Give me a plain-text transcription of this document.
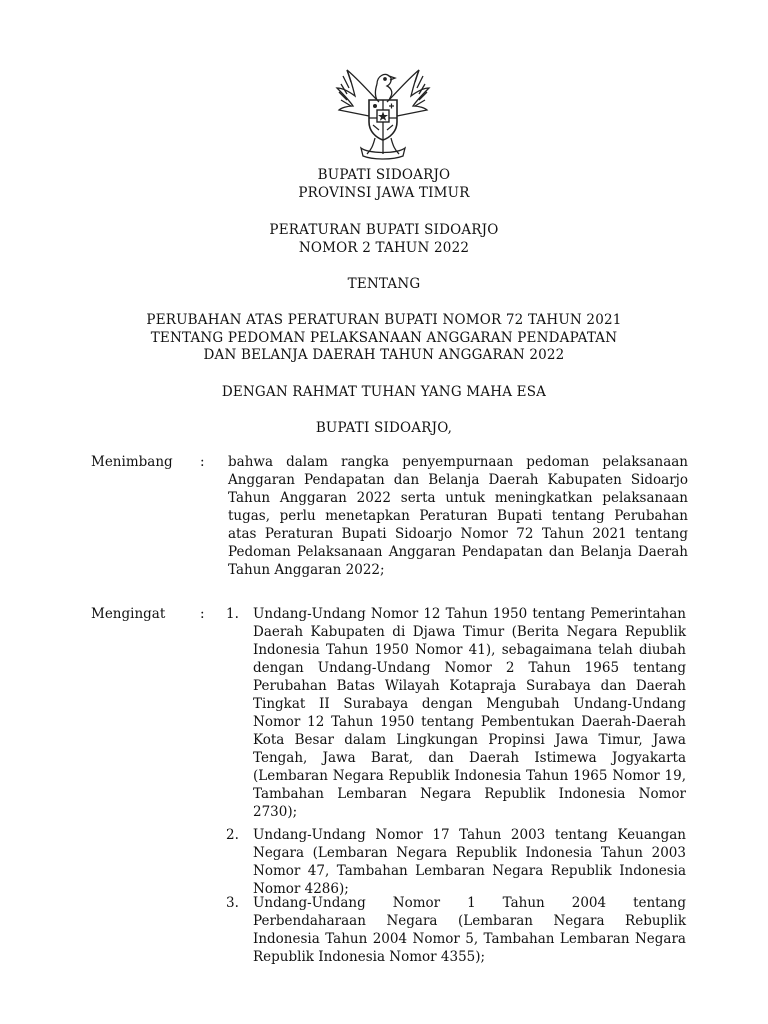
BUPATI SIDOARJO
PROVINSI JAWA TIMUR
PERATURAN BUPATI SIDOARJO
NOMOR 2 TAHUN 2022
TENTANG
PERUBAHAN ATAS PERATURAN BUPATI NOMOR 72 TAHUN 2021
TENTANG PEDOMAN PELAKSANAAN ANGGARAN PENDAPATAN
DAN BELANJA DAERAH TAHUN ANGGARAN 2022
DENGAN RAHMAT TUHAN YANG MAHA ESA
BUPATI SIDOARJO,
Menimbang : bahwa dalam rangka penyempurnaan pedoman pelaksanaan Anggaran Pendapatan dan Belanja Daerah Kabupaten Sidoarjo Tahun Anggaran 2022 serta untuk meningkatkan pelaksanaan tugas, perlu menetapkan Peraturan Bupati tentang Perubahan atas Peraturan Bupati Sidoarjo Nomor 72 Tahun 2021 tentang Pedoman Pelaksanaan Anggaran Pendapatan dan Belanja Daerah Tahun Anggaran 2022;
Mengingat	: 1. Undang-Undang Nomor 12 Tahun 1950 tentang Pemerintahan Daerah Kabupaten di Djawa Timur (Berita Negara Republik Indonesia Tahun 1950 Nomor 41), sebagaimana telah diubah dengan Undang-Undang Nomor 2 Tahun 1965 tentang Perubahan Batas Wilayah Kotapraja Surabaya dan Daerah Tingkat II Surabaya dengan Mengubah Undang-Undang Nomor 12 Tahun 1950 tentang Pembentukan Daerah-Daerah Kota Besar dalam Lingkungan Propinsi Jawa Timur, Jawa Tengah, Jawa Barat, dan Daerah Istimewa Jogyakarta (Lembaran Negara Republik Indonesia Tahun 1965 Nomor 19, Tambahan Lembaran Negara Republik Indonesia Nomor 2730);
2. Undang-Undang Nomor 17 Tahun 2003 tentang Keuangan Negara (Lembaran Negara Republik Indonesia Tahun 2003 Nomor 47, Tambahan Lembaran Negara Republik Indonesia Nomor 4286);
3. Undang-Undang Nomor 1 Tahun 2004 tentang Perbendaharaan Negara (Lembaran Negara Rebuplik Indonesia Tahun 2004 Nomor 5, Tambahan Lembaran Negara Republik Indonesia Nomor 4355);
